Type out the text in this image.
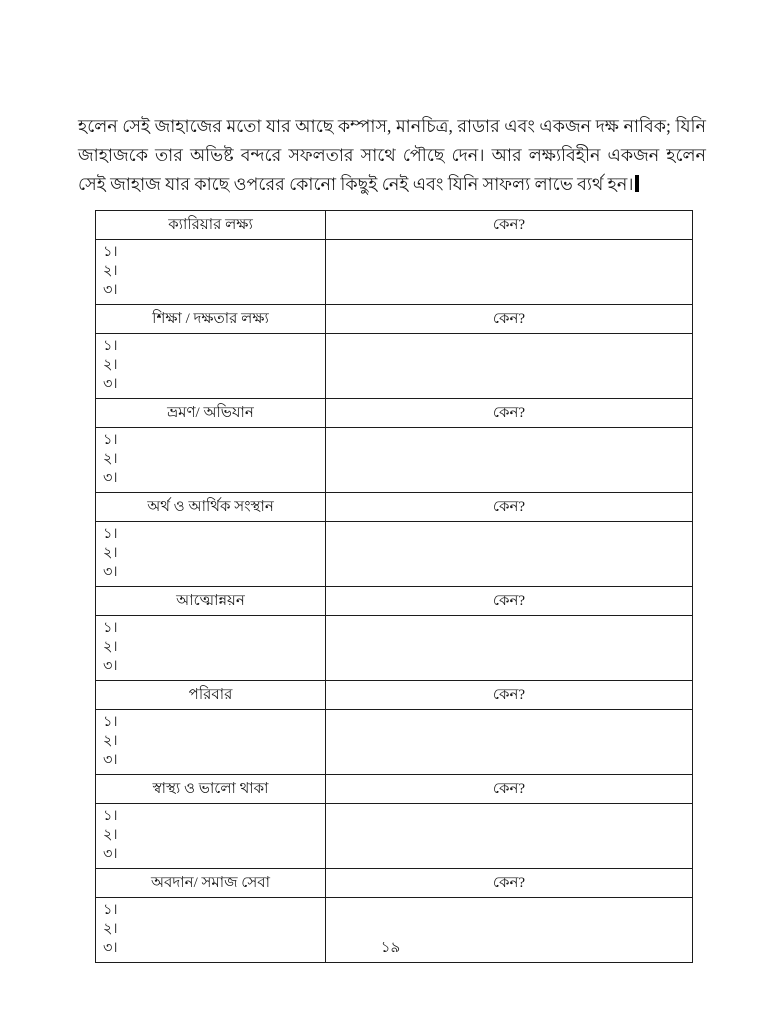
হলেন সেই জাহাজের মতো যার আছে কম্পাস, মানচিত্র, রাডার এবং একজন দক্ষ নাবিক; যিনি জাহাজকে তার অভিষ্ট বন্দরে সফলতার সাথে পৌছে দেন। আর লক্ষ্যবিহীন একজন হলেন সেই জাহাজ যার কাছে ওপরের কোনো কিছুই নেই এবং যিনি সাফল্য লাভে ব্যর্থ হন।

ক্যারিয়ার লক্ষ্য	কেন?

১।
২।
৩।	

শিক্ষা / দক্ষতার লক্ষ্য	কেন?

১।
২।
৩।	

ভ্রমণ/ অভিযান	কেন?

১।
২।
৩।	

অর্থ ও আর্থিক সংস্থান	কেন?

১।
২।
৩।	

আত্মোন্নয়ন	কেন?

১।
২।
৩।	

পরিবার	কেন?

১।
২।
৩।	

স্বাস্থ্য ও ভালো থাকা	কেন?

১।
২।
৩।	

অবদান/ সমাজ সেবা	কেন?

১।
২।
৩।	
		১৯
